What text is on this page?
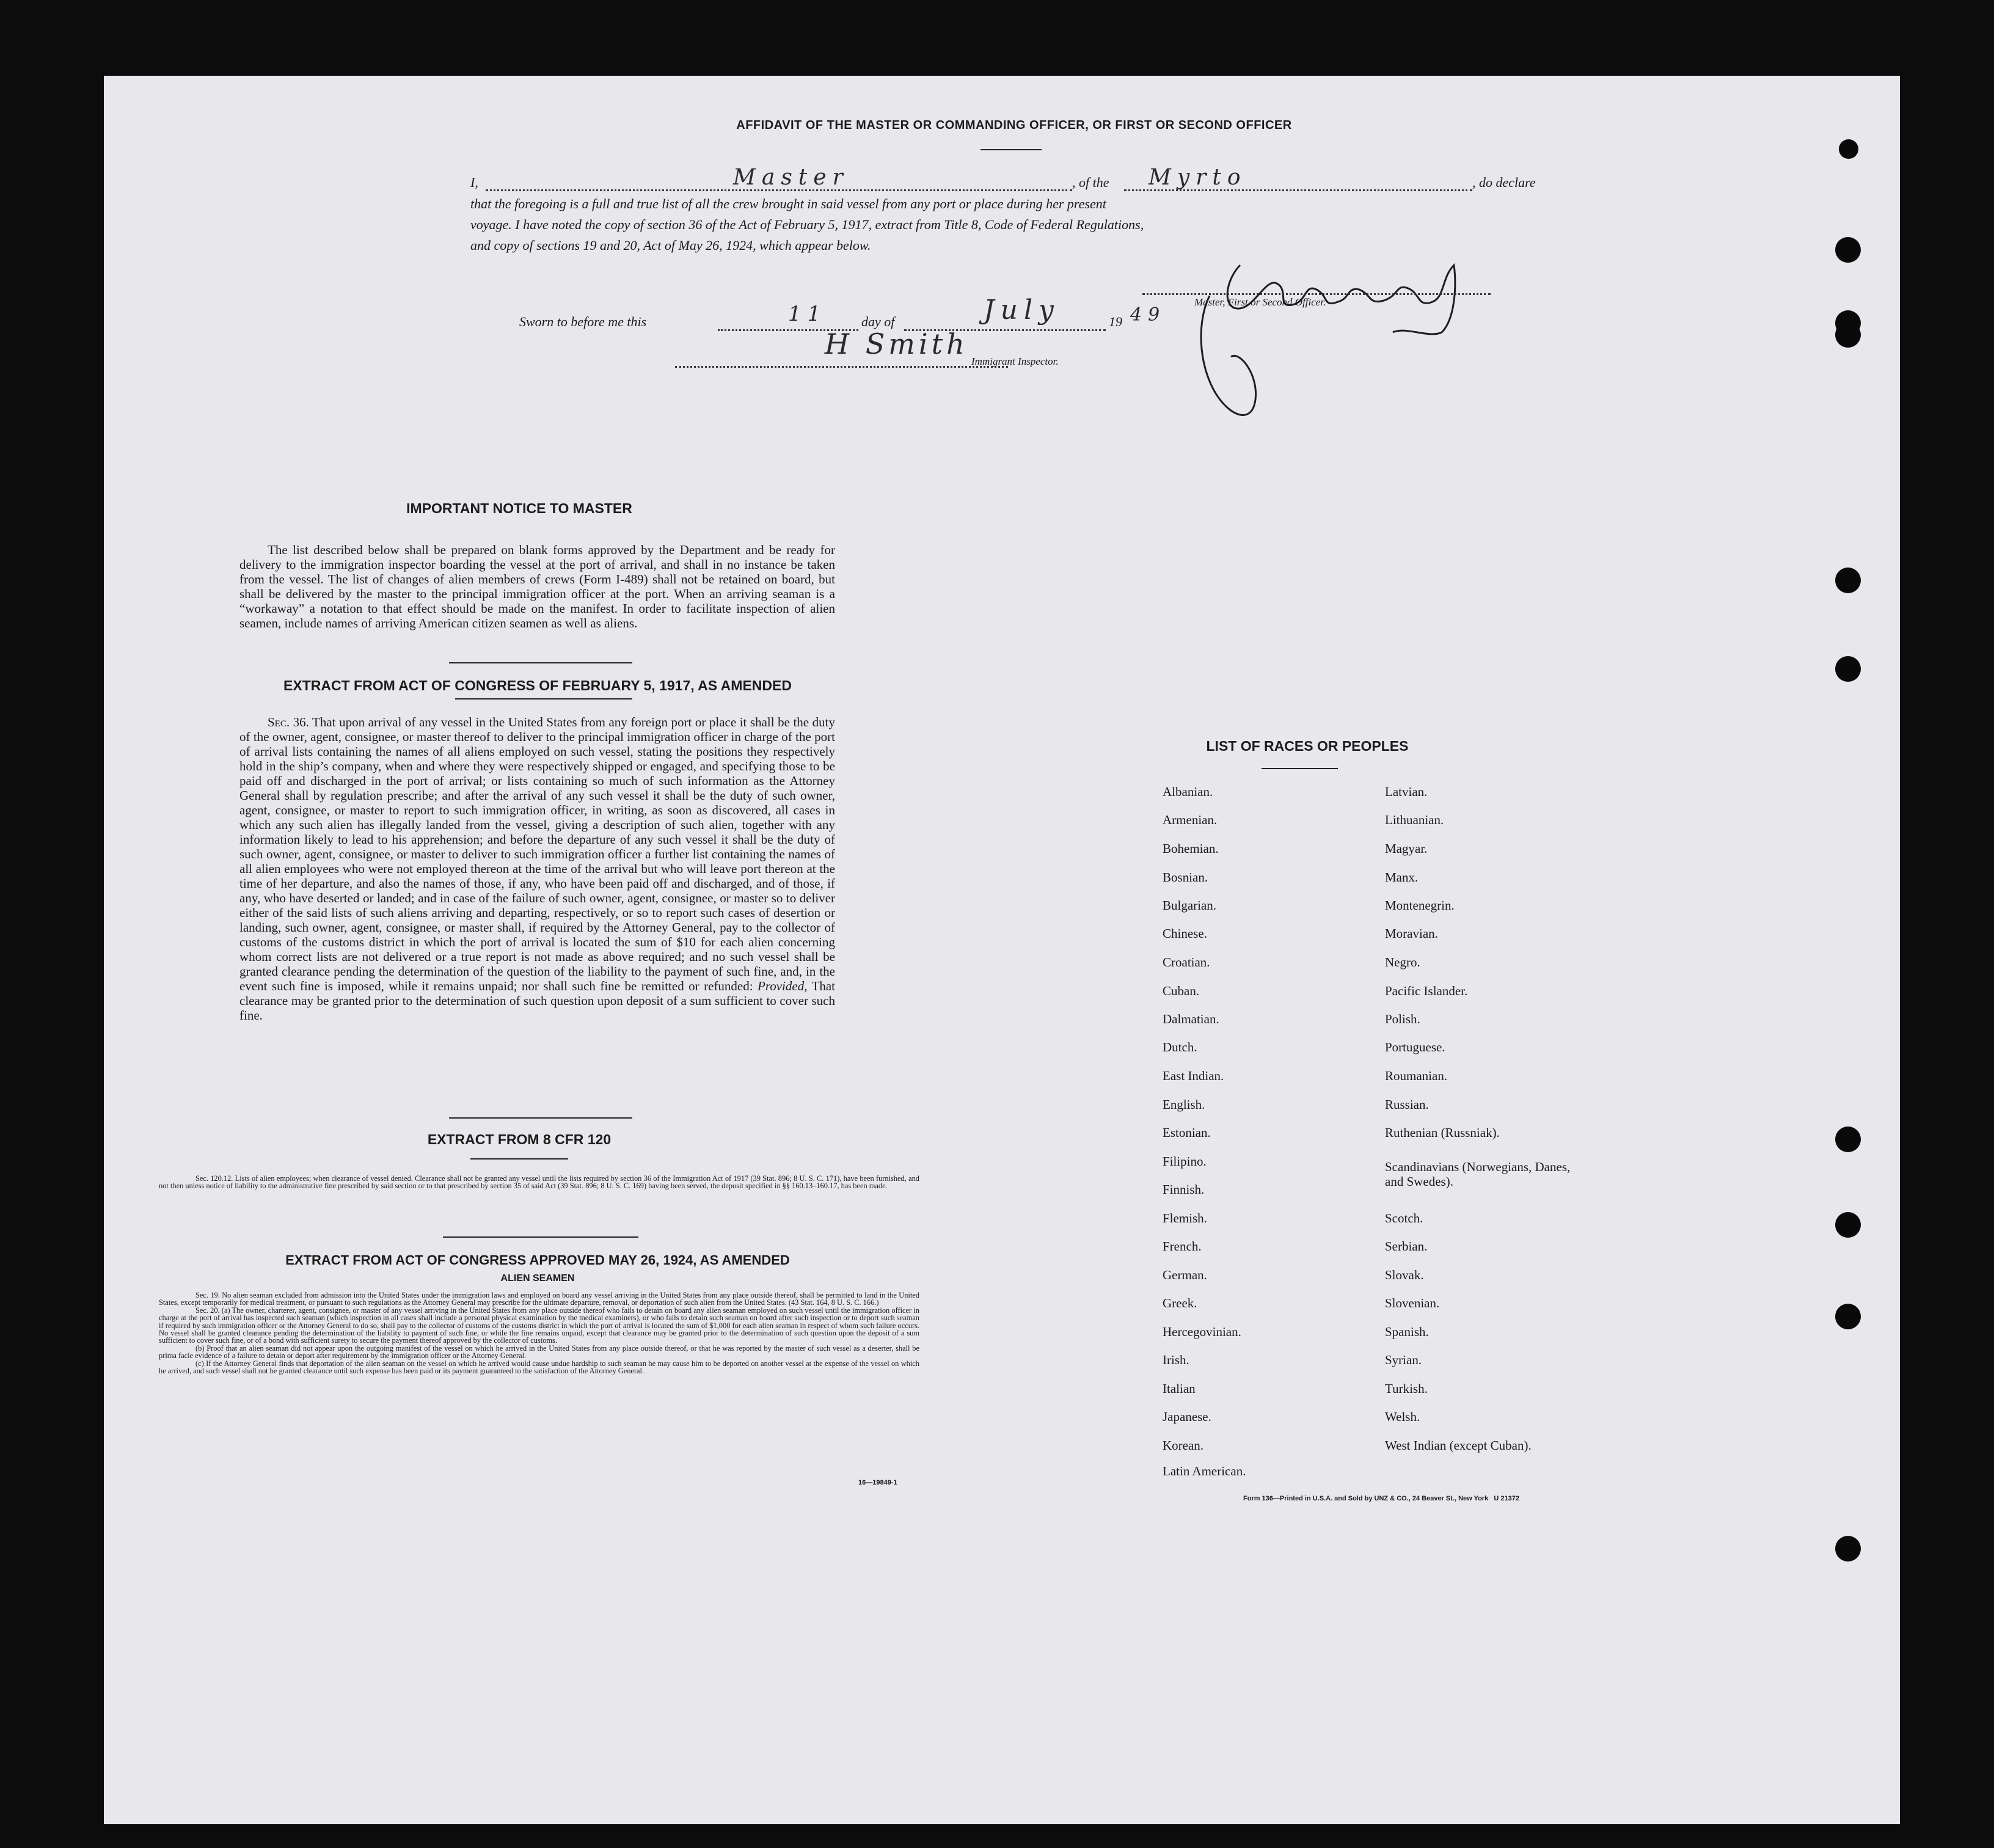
AFFIDAVIT OF THE MASTER OR COMMANDING OFFICER, OR FIRST OR SECOND OFFICER
I,	Master	, of the Myrto	, do declare
that the foregoing is a full and true list of all the crew brought in said vessel from any port or place during her present
voyage. I have noted the copy of section 36 of the Act of February 5, 1917, extract from Title 8, Code of Federal Regulations,
and copy of sections 19 and 20, Act of May 26, 1924, which appear below.
Master, First or Second Officer.
Sworn to before me this	11	day of	July	19 49
H Smith
Immigrant Inspector.
IMPORTANT NOTICE TO MASTER
The list described below shall be prepared on blank forms approved by the Department and be ready for delivery to the immigration inspector boarding the vessel at the port of arrival, and shall in no instance be taken from the vessel. The list of changes of alien members of crews (Form I-489) shall not be retained on board, but shall be delivered by the master to the principal immigration officer at the port. When an arriving seaman is a “workaway” a notation to that effect should be made on the manifest. In order to facilitate inspection of alien seamen, include names of arriving American citizen seamen as well as aliens.
EXTRACT FROM ACT OF CONGRESS OF FEBRUARY 5, 1917, AS AMENDED
Sec. 36. That upon arrival of any vessel in the United States from any foreign port or place it shall be the duty of the owner, agent, consignee, or master thereof to deliver to the principal immigration officer in charge of the port of arrival lists containing the names of all aliens employed on such vessel, stating the positions they respectively hold in the ship’s company, when and where they were respectively shipped or engaged, and specifying those to be paid off and discharged in the port of arrival; or lists containing so much of such information as the Attorney General shall by regulation prescribe; and after the arrival of any such vessel it shall be the duty of such owner, agent, consignee, or master to report to such immigration officer, in writing, as soon as discovered, all cases in which any such alien has illegally landed from the vessel, giving a description of such alien, together with any information likely to lead to his apprehension; and before the departure of any such vessel it shall be the duty of such owner, agent, consignee, or master to deliver to such immigration officer a further list containing the names of all alien employees who were not employed thereon at the time of the arrival but who will leave port thereon at the time of her departure, and also the names of those, if any, who have been paid off and discharged, and of those, if any, who have deserted or landed; and in case of the failure of such owner, agent, consignee, or master so to deliver either of the said lists of such aliens arriving and departing, respectively, or so to report such cases of desertion or landing, such owner, agent, consignee, or master shall, if required by the Attorney General, pay to the collector of customs of the customs district in which the port of arrival is located the sum of $10 for each alien concerning whom correct lists are not delivered or a true report is not made as above required; and no such vessel shall be granted clearance pending the determination of the question of the liability to the payment of such fine, and, in the event such fine is imposed, while it remains unpaid; nor shall such fine be remitted or refunded: Provided, That clearance may be granted prior to the determination of such question upon deposit of a sum sufficient to cover such fine.
EXTRACT FROM 8 CFR 120
Sec. 120.12. Lists of alien employees; when clearance of vessel denied. Clearance shall not be granted any vessel until the lists required by section 36 of the Immigration Act of 1917 (39 Stat. 896; 8 U. S. C. 171), have been furnished, and not then unless notice of liability to the administrative fine prescribed by said section or to that prescribed by section 35 of said Act (39 Stat. 896; 8 U. S. C. 169) having been served, the deposit specified in §§ 160.13–160.17, has been made.
EXTRACT FROM ACT OF CONGRESS APPROVED MAY 26, 1924, AS AMENDED
ALIEN SEAMEN
Sec. 19. No alien seaman excluded from admission into the United States under the immigration laws and employed on board any vessel arriving in the United States from any place outside thereof, shall be permitted to land in the United States, except temporarily for medical treatment, or pursuant to such regulations as the Attorney General may prescribe for the ultimate departure, removal, or deportation of such alien from the United States. (43 Stat. 164, 8 U. S. C. 166.)
Sec. 20. (a) The owner, charterer, agent, consignee, or master of any vessel arriving in the United States from any place outside thereof who fails to detain on board any alien seaman employed on such vessel until the immigration officer in charge at the port of arrival has inspected such seaman (which inspection in all cases shall include a personal physical examination by the medical examiners), or who fails to detain such seaman on board after such inspection or to deport such seaman if required by such immigration officer or the Attorney General to do so, shall pay to the collector of customs of the customs district in which the port of arrival is located the sum of $1,000 for each alien seaman in respect of whom such failure occurs. No vessel shall be granted clearance pending the determination of the liability to payment of such fine, or while the fine remains unpaid, except that clearance may be granted prior to the determination of such question upon the deposit of a sum sufficient to cover such fine, or of a bond with sufficient surety to secure the payment thereof approved by the collector of customs.
(b) Proof that an alien seaman did not appear upon the outgoing manifest of the vessel on which he arrived in the United States from any place outside thereof, or that he was reported by the master of such vessel as a deserter, shall be prima facie evidence of a failure to detain or deport after requirement by the immigration officer or the Attorney General.
(c) If the Attorney General finds that deportation of the alien seaman on the vessel on which he arrived would cause undue hardship to such seaman he may cause him to be deported on another vessel at the expense of the vessel on which he arrived, and such vessel shall not be granted clearance until such expense has been paid or its payment guaranteed to the satisfaction of the Attorney General.
16—19849-1
LIST OF RACES OR PEOPLES
Albanian.
Armenian.
Bohemian.
Bosnian.
Bulgarian.
Chinese.
Croatian.
Cuban.
Dalmatian.
Dutch.
East Indian.
English.
Estonian.
Filipino.
Finnish.
Flemish.
French.
German.
Greek.
Hercegovinian.
Irish.
Italian
Japanese.
Korean.
Latin American.
Latvian.
Lithuanian.
Magyar.
Manx.
Montenegrin.
Moravian.
Negro.
Pacific Islander.
Polish.
Portuguese.
Roumanian.
Russian.
Ruthenian (Russniak).
Scandinavians (Norwegians, Danes, and Swedes).
Scotch.
Serbian.
Slovak.
Slovenian.
Spanish.
Syrian.
Turkish.
Welsh.
West Indian (except Cuban).
Form 136—Printed in U.S.A. and Sold by UNZ & CO., 24 Beaver St., New York   U 21372
